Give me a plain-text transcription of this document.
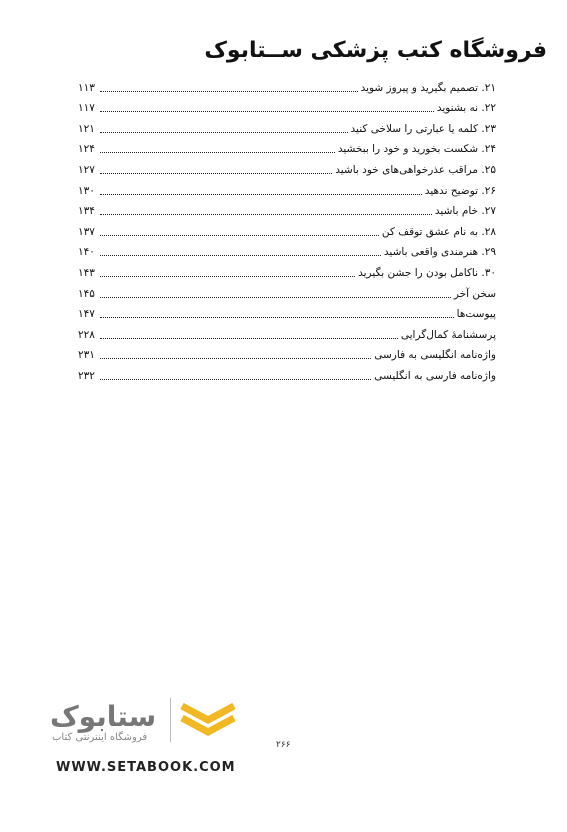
فروشگاه کتب پزشکی ســتابوک
۲۱. تصمیم بگیرید و پیروز شوید
۱۱۳
۲۲. نه بشنوید
۱۱۷
۲۳. کلمه یا عبارتی را سلاخی کنید
۱۲۱
۲۴. شکست بخورید و خود را ببخشید
۱۲۴
۲۵. مراقب عذرخواهی‌های خود باشید
۱۲۷
۲۶. توضیح ندهید
۱۳۰
۲۷. خام باشید
۱۳۴
۲۸. به نام عشق توقف کن
۱۳۷
۲۹. هنرمندی واقعی باشید
۱۴۰
۳۰. ناکامل بودن را جشن بگیرید
۱۴۳
سخن آخر
۱۴۵
پیوست‌ها
۱۴۷
پرسشنامهٔ کمال‌گرایی
۲۲۸
واژه‌نامه انگلیسی به فارسی
۲۳۱
واژه‌نامه فارسی به انگلیسی
۲۳۲
۲۶۶
ستابوک
فروشگاه اینترنتی کتاب
WWW.SETABOOK.COM
